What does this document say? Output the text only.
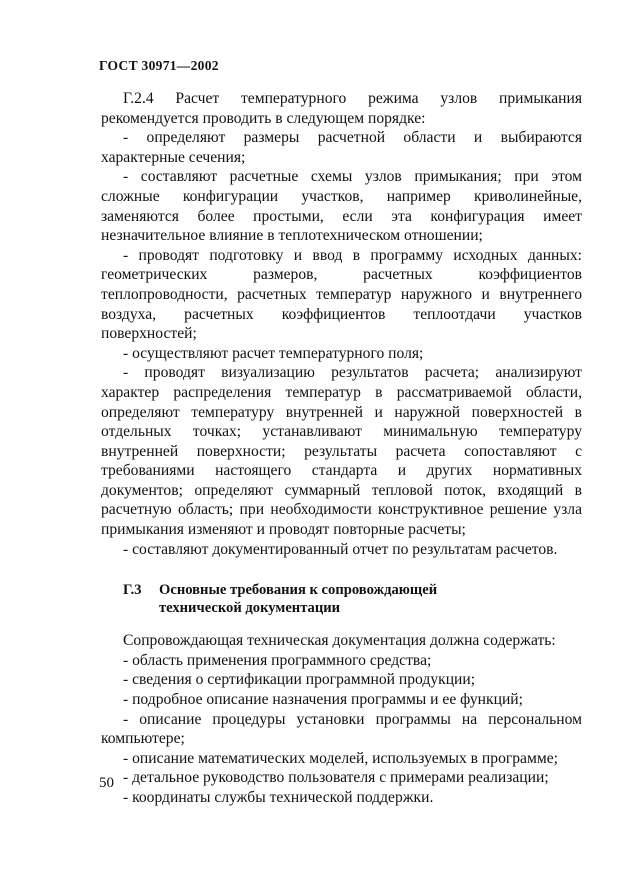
ГОСТ 30971—2002

Г.2.4 Расчет температурного режима узлов примыкания рекомендуется проводить в следующем порядке:

- определяют размеры расчетной области и выбираются характерные сечения;

- составляют расчетные схемы узлов примыкания; при этом сложные конфигурации участков, например криволинейные, заменяются более простыми, если эта конфигурация имеет незначительное влияние в теплотехническом отношении;

- проводят подготовку и ввод в программу исходных данных: геометрических размеров, расчетных коэффициентов теплопроводности, расчетных температур наружного и внутреннего воздуха, расчетных коэффициентов теплоотдачи участков поверхностей;

- осуществляют расчет температурного поля;

- проводят визуализацию результатов расчета; анализируют характер распределения температур в рассматриваемой области, определяют температуру внутренней и наружной поверхностей в отдельных точках; устанавливают минимальную температуру внутренней поверхности; результаты расчета сопоставляют с требованиями настоящего стандарта и других нормативных документов; определяют суммарный тепловой поток, входящий в расчетную область; при необходимости конструктивное решение узла примыкания изменяют и проводят повторные расчеты;

- составляют документированный отчет по результатам расчетов.

Г.3 Основные требования к сопровождающей
технической документации

Сопровождающая техническая документация должна содержать:

- область применения программного средства;

- сведения о сертификации программной продукции;

- подробное описание назначения программы и ее функций;

- описание процедуры установки программы на персональном компьютере;

- описание математических моделей, используемых в программе;

- детальное руководство пользователя с примерами реализации;

- координаты службы технической поддержки.

50
